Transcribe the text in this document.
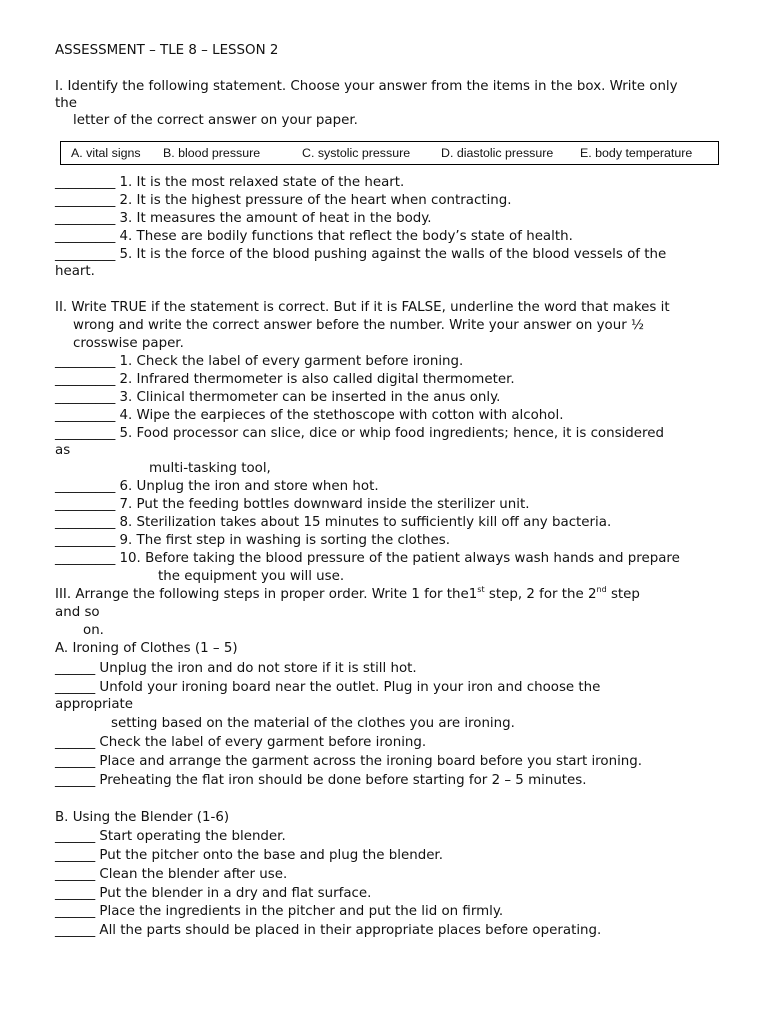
ASSESSMENT – TLE 8 – LESSON 2
I. Identify the following statement. Choose your answer from the items in the box. Write only
the
letter of the correct answer on your paper.
A. vital signs B. blood pressure	C. systolic pressure D. diastolic pressure E. body temperature
_________ 1. It is the most relaxed state of the heart.
_________ 2. It is the highest pressure of the heart when contracting.
_________ 3. It measures the amount of heat in the body.
_________ 4. These are bodily functions that reflect the body’s state of health.
_________ 5. It is the force of the blood pushing against the walls of the blood vessels of the
heart.
II. Write TRUE if the statement is correct. But if it is FALSE, underline the word that makes it
wrong and write the correct answer before the number. Write your answer on your ½
crosswise paper.
_________ 1. Check the label of every garment before ironing.
_________ 2. Infrared thermometer is also called digital thermometer.
_________ 3. Clinical thermometer can be inserted in the anus only.
_________ 4. Wipe the earpieces of the stethoscope with cotton with alcohol.
_________ 5. Food processor can slice, dice or whip food ingredients; hence, it is considered
as
multi-tasking tool,
_________ 6. Unplug the iron and store when hot.
_________ 7. Put the feeding bottles downward inside the sterilizer unit.
_________ 8. Sterilization takes about 15 minutes to sufficiently kill off any bacteria.
_________ 9. The first step in washing is sorting the clothes.
_________ 10. Before taking the blood pressure of the patient always wash hands and prepare
the equipment you will use.
III. Arrange the following steps in proper order. Write 1 for the1st step, 2 for the 2nd step
and so
on.
A. Ironing of Clothes (1 – 5)
______ Unplug the iron and do not store if it is still hot.
______ Unfold your ironing board near the outlet. Plug in your iron and choose the
appropriate
setting based on the material of the clothes you are ironing.
______ Check the label of every garment before ironing.
______ Place and arrange the garment across the ironing board before you start ironing.
______ Preheating the flat iron should be done before starting for 2 – 5 minutes.
B. Using the Blender (1-6)
______ Start operating the blender.
______ Put the pitcher onto the base and plug the blender.
______ Clean the blender after use.
______ Put the blender in a dry and flat surface.
______ Place the ingredients in the pitcher and put the lid on firmly.
______ All the parts should be placed in their appropriate places before operating.
